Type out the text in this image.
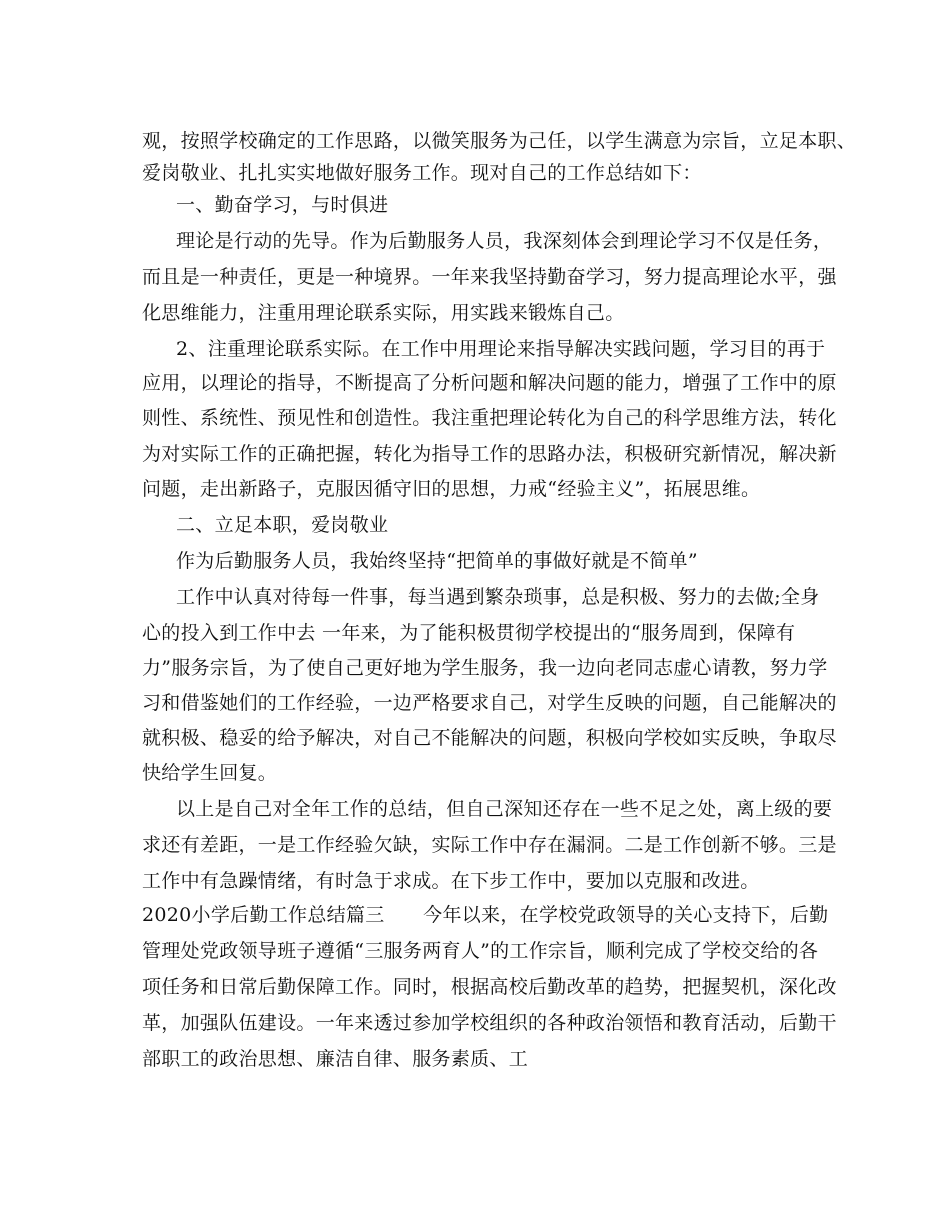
观，按照学校确定的工作思路，以微笑服务为己任，以学生满意为宗旨，立足本职、
爱岗敬业、扎扎实实地做好服务工作。现对自己的工作总结如下：
一、勤奋学习，与时俱进
理论是行动的先导。作为后勤服务人员，我深刻体会到理论学习不仅是任务，
而且是一种责任，更是一种境界。一年来我坚持勤奋学习，努力提高理论水平，强
化思维能力，注重用理论联系实际，用实践来锻炼自己。
2、注重理论联系实际。在工作中用理论来指导解决实践问题，学习目的再于
应用，以理论的指导，不断提高了分析问题和解决问题的能力，增强了工作中的原
则性、系统性、预见性和创造性。我注重把理论转化为自己的科学思维方法，转化
为对实际工作的正确把握，转化为指导工作的思路办法，积极研究新情况，解决新
问题，走出新路子，克服因循守旧的思想，力戒“经验主义”，拓展思维。
二、立足本职，爱岗敬业
作为后勤服务人员，我始终坚持“把简单的事做好就是不简单”
工作中认真对待每一件事，每当遇到繁杂琐事，总是积极、努力的去做;全身
心的投入到工作中去 一年来，为了能积极贯彻学校提出的“服务周到，保障有
力”服务宗旨，为了使自己更好地为学生服务，我一边向老同志虚心请教，努力学
习和借鉴她们的工作经验，一边严格要求自己，对学生反映的问题，自己能解决的
就积极、稳妥的给予解决，对自己不能解决的问题，积极向学校如实反映，争取尽
快给学生回复。
以上是自己对全年工作的总结，但自己深知还存在一些不足之处，离上级的要
求还有差距，一是工作经验欠缺，实际工作中存在漏洞。二是工作创新不够。三是
工作中有急躁情绪，有时急于求成。在下步工作中，要加以克服和改进。
2020小学后勤工作总结篇三　　今年以来，在学校党政领导的关心支持下，后勤
管理处党政领导班子遵循“三服务两育人”的工作宗旨，顺利完成了学校交给的各
项任务和日常后勤保障工作。同时，根据高校后勤改革的趋势，把握契机，深化改
革，加强队伍建设。一年来透过参加学校组织的各种政治领悟和教育活动，后勤干
部职工的政治思想、廉洁自律、服务素质、工
